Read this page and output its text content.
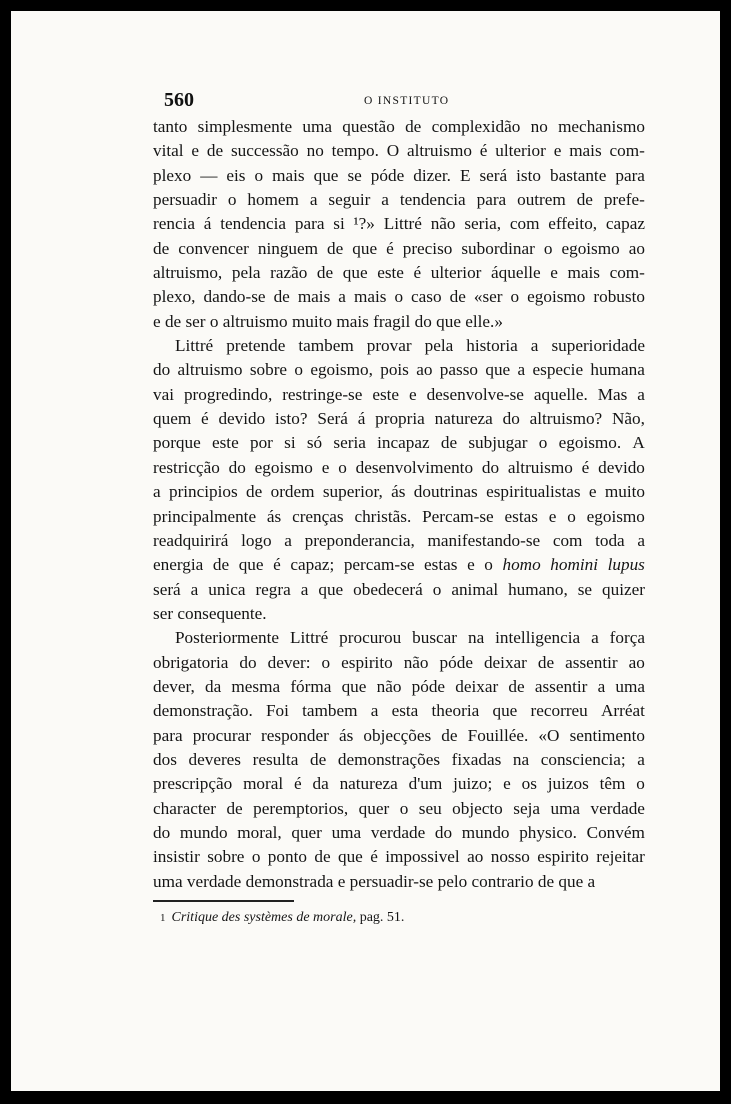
560	O INSTITUTO
tanto simplesmente uma questão de complexidão no mechanismo
vital e de successão no tempo. O altruismo é ulterior e mais com-
plexo — eis o mais que se póde dizer. E será isto bastante para
persuadir o homem a seguir a tendencia para outrem de prefe-
rencia á tendencia para si ¹?» Littré não seria, com effeito, capaz
de convencer ninguem de que é preciso subordinar o egoismo ao
altruismo, pela razão de que este é ulterior áquelle e mais com-
plexo, dando-se de mais a mais o caso de «ser o egoismo robusto
e de ser o altruismo muito mais fragil do que elle.»
Littré pretende tambem provar pela historia a superioridade
do altruismo sobre o egoismo, pois ao passo que a especie humana
vai progredindo, restringe-se este e desenvolve-se aquelle. Mas a
quem é devido isto? Será á propria natureza do altruismo? Não,
porque este por si só seria incapaz de subjugar o egoismo. A
restricção do egoismo e o desenvolvimento do altruismo é devido
a principios de ordem superior, ás doutrinas espiritualistas e muito
principalmente ás crenças christãs. Percam-se estas e o egoismo
readquirirá logo a preponderancia, manifestando-se com toda a
energia de que é capaz; percam-se estas e o homo homini lupus
será a unica regra a que obedecerá o animal humano, se quizer
ser consequente.
Posteriormente Littré procurou buscar na intelligencia a força
obrigatoria do dever: o espirito não póde deixar de assentir ao
dever, da mesma fórma que não póde deixar de assentir a uma
demonstração. Foi tambem a esta theoria que recorreu Arréat
para procurar responder ás objecções de Fouillée. «O sentimento
dos deveres resulta de demonstrações fixadas na consciencia; a
prescripção moral é da natureza d'um juizo; e os juizos têm o
character de peremptorios, quer o seu objecto seja uma verdade
do mundo moral, quer uma verdade do mundo physico. Convém
insistir sobre o ponto de que é impossivel ao nosso espirito rejeitar
uma verdade demonstrada e persuadir-se pelo contrario de que a
1 Critique des systèmes de morale, pag. 51.
